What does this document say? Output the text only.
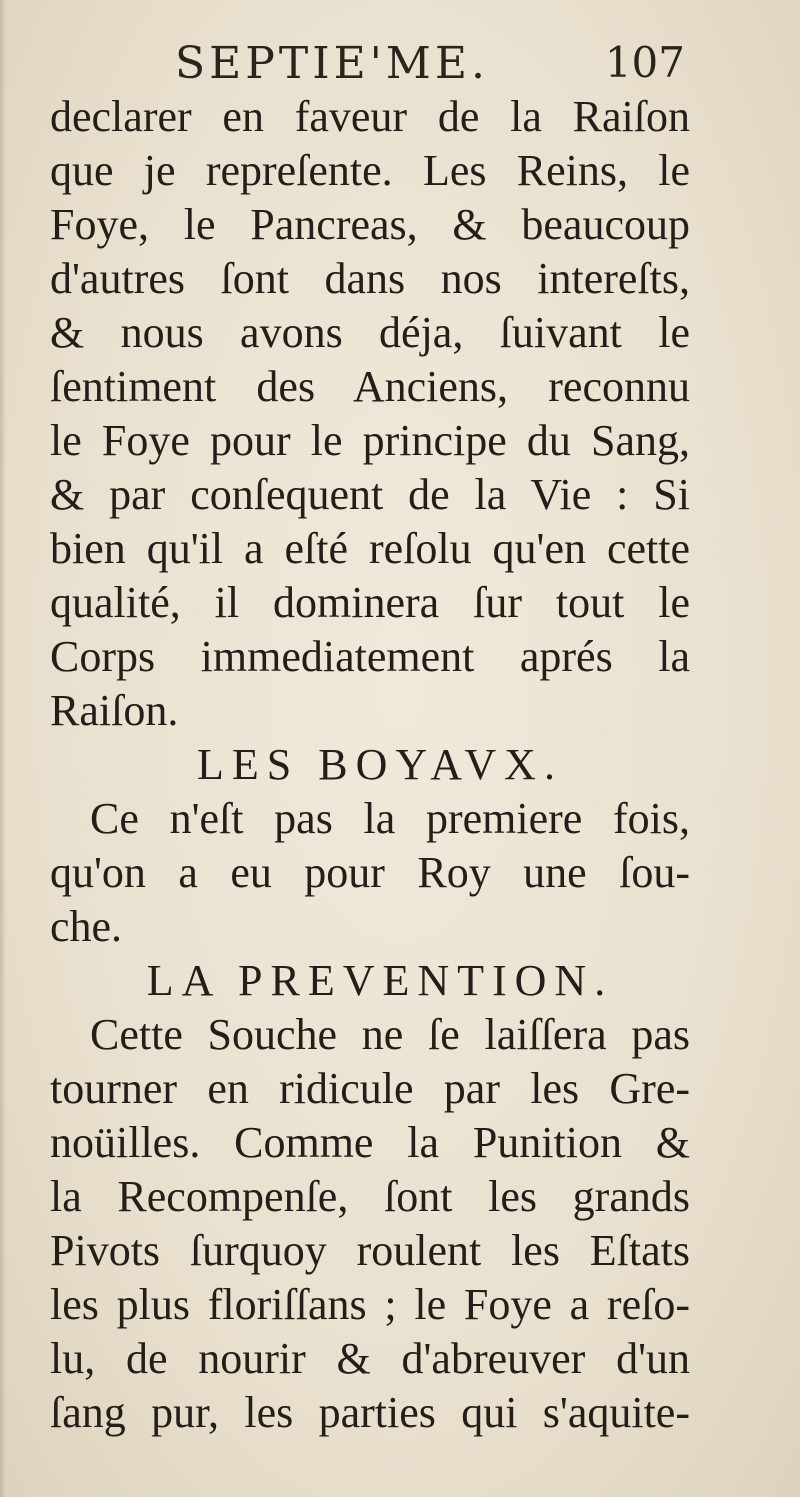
SEPTIE'ME.	107
declarer en faveur de la Raiſon
que je repreſente. Les Reins, le
Foye, le Pancreas, & beaucoup
d'autres ſont dans nos intereſts,
& nous avons déja, ſuivant le
ſentiment des Anciens, reconnu
le Foye pour le principe du Sang,
& par conſequent de la Vie : Si
bien qu'il a eſté reſolu qu'en cette
qualité, il dominera ſur tout le
Corps immediatement aprés la
Raiſon.
LES BOYAVX.
Ce n'eſt pas la premiere fois,
qu'on a eu pour Roy une ſou-
che.
LA PREVENTION.
Cette Souche ne ſe laiſſera pas
tourner en ridicule par les Gre-
noüilles. Comme la Punition &
la Recompenſe, ſont les grands
Pivots ſurquoy roulent les Eſtats
les plus floriſſans ; le Foye a reſo-
lu, de nourir & d'abreuver d'un
ſang pur, les parties qui s'aquite-
